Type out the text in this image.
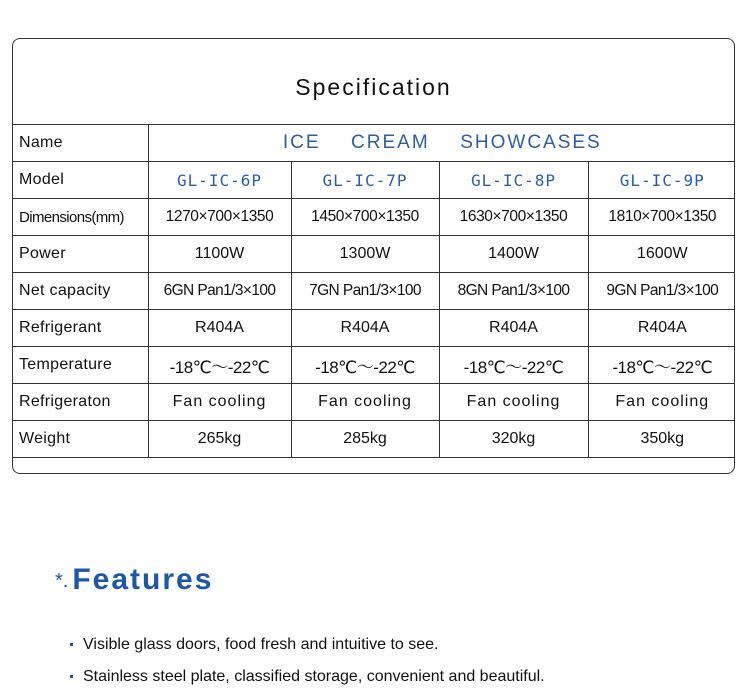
Specification
Name	ICE  CREAM  SHOWCASES			
Model	GL-IC-6P	GL-IC-7P	GL-IC-8P	GL-IC-9P
Dimensions(mm)	1270×700×1350	1450×700×1350	1630×700×1350	1810×700×1350
Power	1100W	1300W	1400W	1600W
Net capacity	6GN Pan1/3×100	7GN Pan1/3×100	8GN Pan1/3×100	9GN Pan1/3×100
Refrigerant	R404A	R404A	R404A	R404A
Temperature	-18℃～-22℃	-18℃～-22℃	-18℃～-22℃	-18℃～-22℃
Refrigeraton	Fan cooling	Fan cooling	Fan cooling	Fan cooling
Weight	265kg	285kg	320kg	350kg
*. Features
Visible glass doors, food fresh and intuitive to see.
Stainless steel plate, classified storage, convenient and beautiful.
